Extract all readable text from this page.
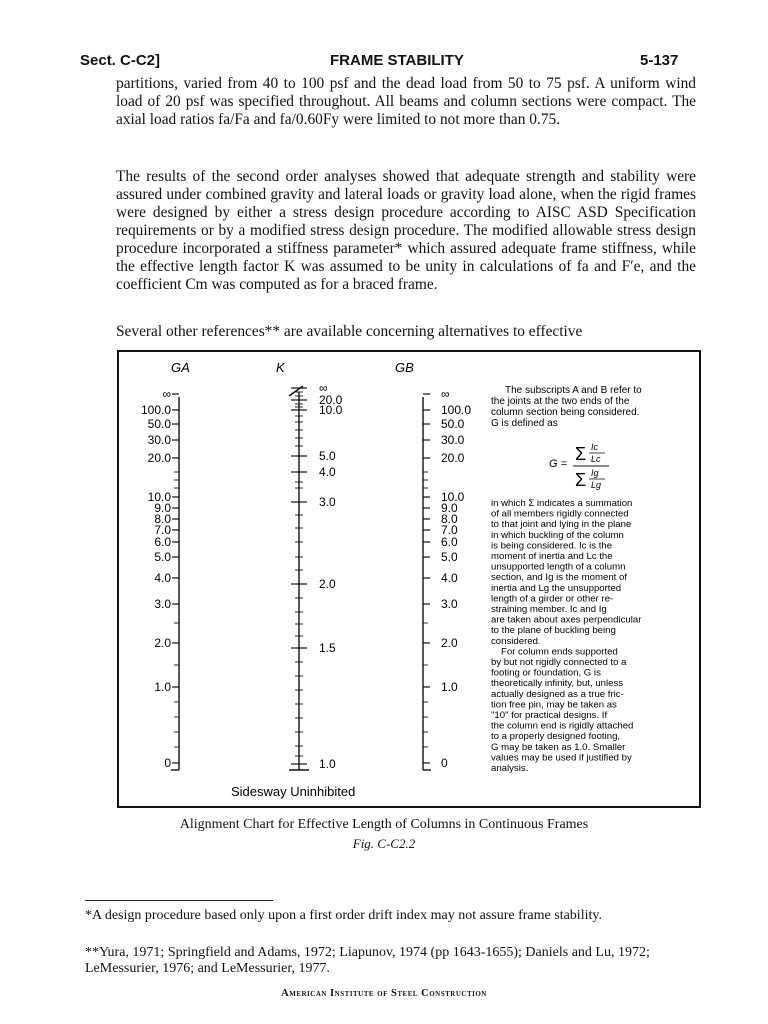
Sect. C-C2]	FRAME STABILITY	5-137
partitions, varied from 40 to 100 psf and the dead load from 50 to 75 psf. A uniform wind load of 20 psf was specified throughout. All beams and column sections were compact. The axial load ratios fa/Fa and fa/0.60Fy were limited to not more than 0.75.
The results of the second order analyses showed that adequate strength and stability were assured under combined gravity and lateral loads or gravity load alone, when the rigid frames were designed by either a stress design procedure according to AISC ASD Specification requirements or by a modified stress design procedure. The modified allowable stress design procedure incorporated a stiffness parameter* which assured adequate frame stiffness, while the effective length factor K was assumed to be unity in calculations of fa and F′e, and the coefficient Cm was computed as for a braced frame.
Several other references** are available concerning alternatives to effective
GA	K	GB
∞
100.0
50.0
30.0
20.0
10.0
9.0
8.0
7.0
6.0
5.0
4.0
3.0
2.0
1.0
0
∞
20.0
10.0
5.0
4.0
3.0
2.0
1.5
1.0
∞
100.0
50.0
30.0
20.0
10.0
9.0
8.0
7.0
6.0
5.0
4.0
3.0
2.0
1.0
0
Sidesway Uninhibited
The subscripts A and B refer to
the joints at the two ends of the
column section being considered.
G is defined as
G = Σ Ic
Lc
Σ Ig
Lg
in which Σ indicates a summation
of all members rigidly connected
to that joint and lying in the plane
in which buckling of the column
is being considered. Ic is the
moment of inertia and Lc the
unsupported length of a column
section, and Ig is the moment of
inertia and Lg the unsupported
length of a girder or other re-
straining member. Ic and Ig
are taken about axes perpendicular
to the plane of buckling being
considered.
For column ends supported
by but not rigidly connected to a
footing or foundation, G is
theoretically infinity, but, unless
actually designed as a true fric-
tion free pin, may be taken as
"10" for practical designs. If
the column end is rigidly attached
to a properly designed footing,
G may be taken as 1.0. Smaller
values may be used if justified by
analysis.
Alignment Chart for Effective Length of Columns in Continuous Frames
Fig. C-C2.2
*A design procedure based only upon a first order drift index may not assure frame stability.
**Yura, 1971; Springfield and Adams, 1972; Liapunov, 1974 (pp 1643-1655); Daniels and Lu, 1972; LeMessurier, 1976; and LeMessurier, 1977.
American Institute of Steel Construction
